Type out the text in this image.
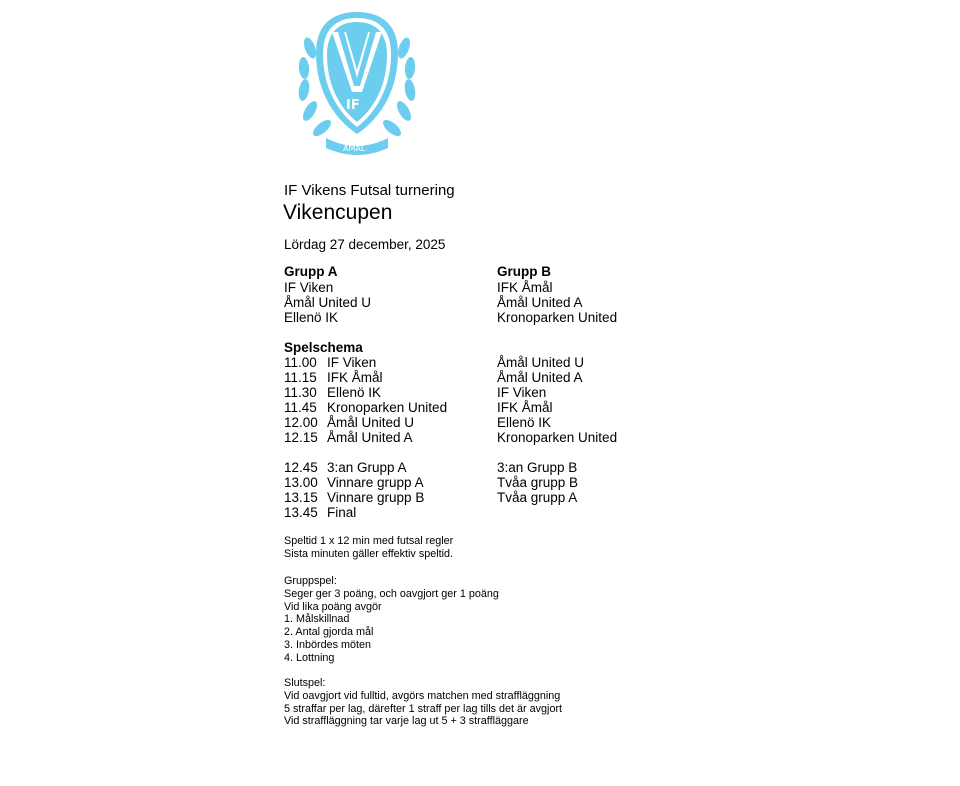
IF
ÅMÅL
IF Vikens Futsal turnering
Vikencupen
Lördag 27 december, 2025
Grupp A
IF Viken
Åmål United U
Ellenö IK
Grupp B
IFK Åmål
Åmål United A
Kronoparken United
Spelschema
11.00 IF Viken	Åmål United U
11.15 IFK Åmål	Åmål United A
11.30 Ellenö IK	IF Viken
11.45 Kronoparken United	IFK Åmål
12.00 Åmål United U	Ellenö IK
12.15 Åmål United A	Kronoparken United
12.45 3:an Grupp A	3:an Grupp B
13.00 Vinnare grupp A	Tvåa grupp B
13.15 Vinnare grupp B	Tvåa grupp A
13.45 Final
Speltid 1 x 12 min med futsal regler
Sista minuten gäller effektiv speltid.
Gruppspel:
Seger ger 3 poäng, och oavgjort ger 1 poäng
Vid lika poäng avgör
1. Målskillnad
2. Antal gjorda mål
3. Inbördes möten
4. Lottning
Slutspel:
Vid oavgjort vid fulltid, avgörs matchen med straffläggning
5 straffar per lag, därefter 1 straff per lag tills det är avgjort
Vid straffläggning tar varje lag ut 5 + 3 straffläggare
